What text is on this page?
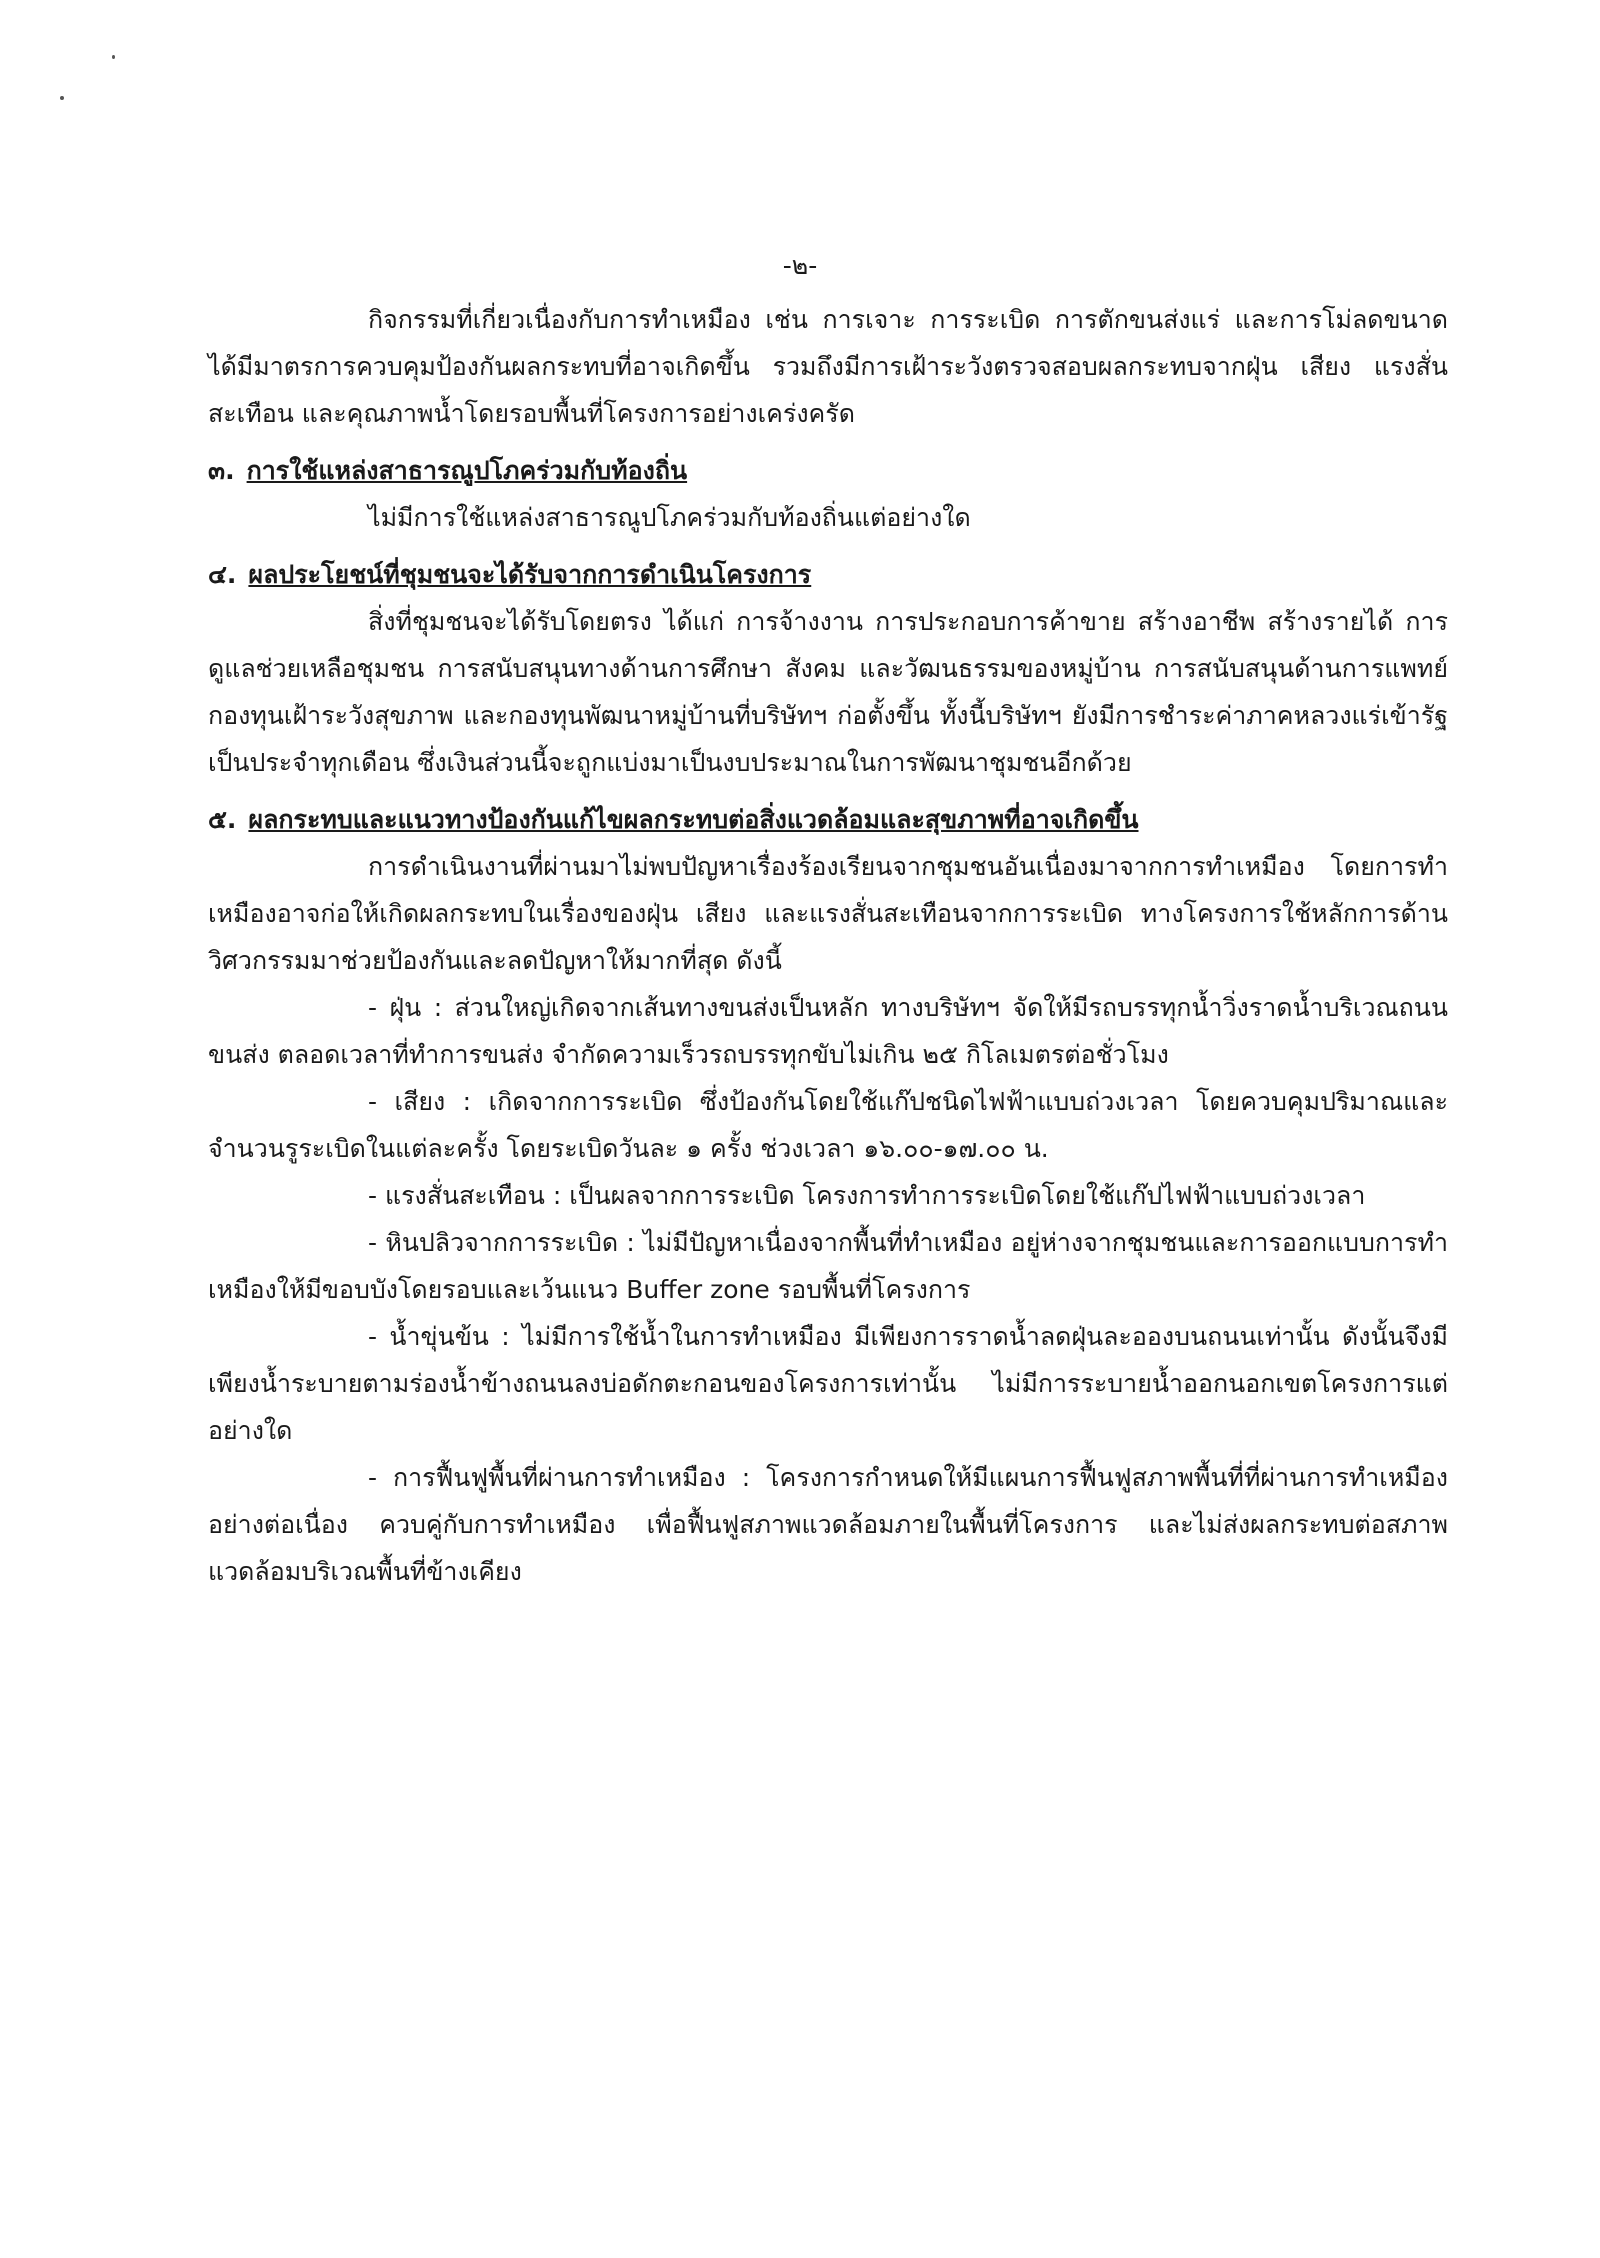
-๒-

กิจกรรมที่เกี่ยวเนื่องกับการทำเหมือง เช่น การเจาะ การระเบิด การตักขนส่งแร่ และการโม่ลดขนาด ได้มีมาตรการควบคุมป้องกันผลกระทบที่อาจเกิดขึ้น รวมถึงมีการเฝ้าระวังตรวจสอบผลกระทบจากฝุ่น เสียง แรงสั่นสะเทือน และคุณภาพน้ำโดยรอบพื้นที่โครงการอย่างเคร่งครัด

๓. การใช้แหล่งสาธารณูปโภคร่วมกับท้องถิ่น

ไม่มีการใช้แหล่งสาธารณูปโภคร่วมกับท้องถิ่นแต่อย่างใด

๔. ผลประโยชน์ที่ชุมชนจะได้รับจากการดำเนินโครงการ

สิ่งที่ชุมชนจะได้รับโดยตรง ได้แก่ การจ้างงาน การประกอบการค้าขาย สร้างอาชีพ สร้างรายได้ การดูแลช่วยเหลือชุมชน การสนับสนุนทางด้านการศึกษา สังคม และวัฒนธรรมของหมู่บ้าน การสนับสนุนด้านการแพทย์ กองทุนเฝ้าระวังสุขภาพ และกองทุนพัฒนาหมู่บ้านที่บริษัทฯ ก่อตั้งขึ้น ทั้งนี้บริษัทฯ ยังมีการชำระค่าภาคหลวงแร่เข้ารัฐเป็นประจำทุกเดือน ซึ่งเงินส่วนนี้จะถูกแบ่งมาเป็นงบประมาณในการพัฒนาชุมชนอีกด้วย

๕. ผลกระทบและแนวทางป้องกันแก้ไขผลกระทบต่อสิ่งแวดล้อมและสุขภาพที่อาจเกิดขึ้น

การดำเนินงานที่ผ่านมาไม่พบปัญหาเรื่องร้องเรียนจากชุมชนอันเนื่องมาจากการทำเหมือง โดยการทำเหมืองอาจก่อให้เกิดผลกระทบในเรื่องของฝุ่น เสียง และแรงสั่นสะเทือนจากการระเบิด ทางโครงการใช้หลักการด้านวิศวกรรมมาช่วยป้องกันและลดปัญหาให้มากที่สุด ดังนี้

- ฝุ่น : ส่วนใหญ่เกิดจากเส้นทางขนส่งเป็นหลัก ทางบริษัทฯ จัดให้มีรถบรรทุกน้ำวิ่งราดน้ำบริเวณถนนขนส่ง ตลอดเวลาที่ทำการขนส่ง จำกัดความเร็วรถบรรทุกขับไม่เกิน ๒๕ กิโลเมตรต่อชั่วโมง

- เสียง : เกิดจากการระเบิด ซึ่งป้องกันโดยใช้แก๊ปชนิดไฟฟ้าแบบถ่วงเวลา โดยควบคุมปริมาณและจำนวนรูระเบิดในแต่ละครั้ง โดยระเบิดวันละ ๑ ครั้ง ช่วงเวลา ๑๖.๐๐-๑๗.๐๐ น.

- แรงสั่นสะเทือน : เป็นผลจากการระเบิด โครงการทำการระเบิดโดยใช้แก๊ปไฟฟ้าแบบถ่วงเวลา

- หินปลิวจากการระเบิด : ไม่มีปัญหาเนื่องจากพื้นที่ทำเหมือง อยู่ห่างจากชุมชนและการออกแบบการทำเหมืองให้มีขอบบังโดยรอบและเว้นแนว Buffer zone รอบพื้นที่โครงการ

- น้ำขุ่นข้น : ไม่มีการใช้น้ำในการทำเหมือง มีเพียงการราดน้ำลดฝุ่นละอองบนถนนเท่านั้น ดังนั้นจึงมีเพียงน้ำระบายตามร่องน้ำข้างถนนลงบ่อดักตะกอนของโครงการเท่านั้น ไม่มีการระบายน้ำออกนอกเขตโครงการแต่อย่างใด

- การฟื้นฟูพื้นที่ผ่านการทำเหมือง : โครงการกำหนดให้มีแผนการฟื้นฟูสภาพพื้นที่ที่ผ่านการทำเหมืองอย่างต่อเนื่อง ควบคู่กับการทำเหมือง เพื่อฟื้นฟูสภาพแวดล้อมภายในพื้นที่โครงการ และไม่ส่งผลกระทบต่อสภาพแวดล้อมบริเวณพื้นที่ข้างเคียง
